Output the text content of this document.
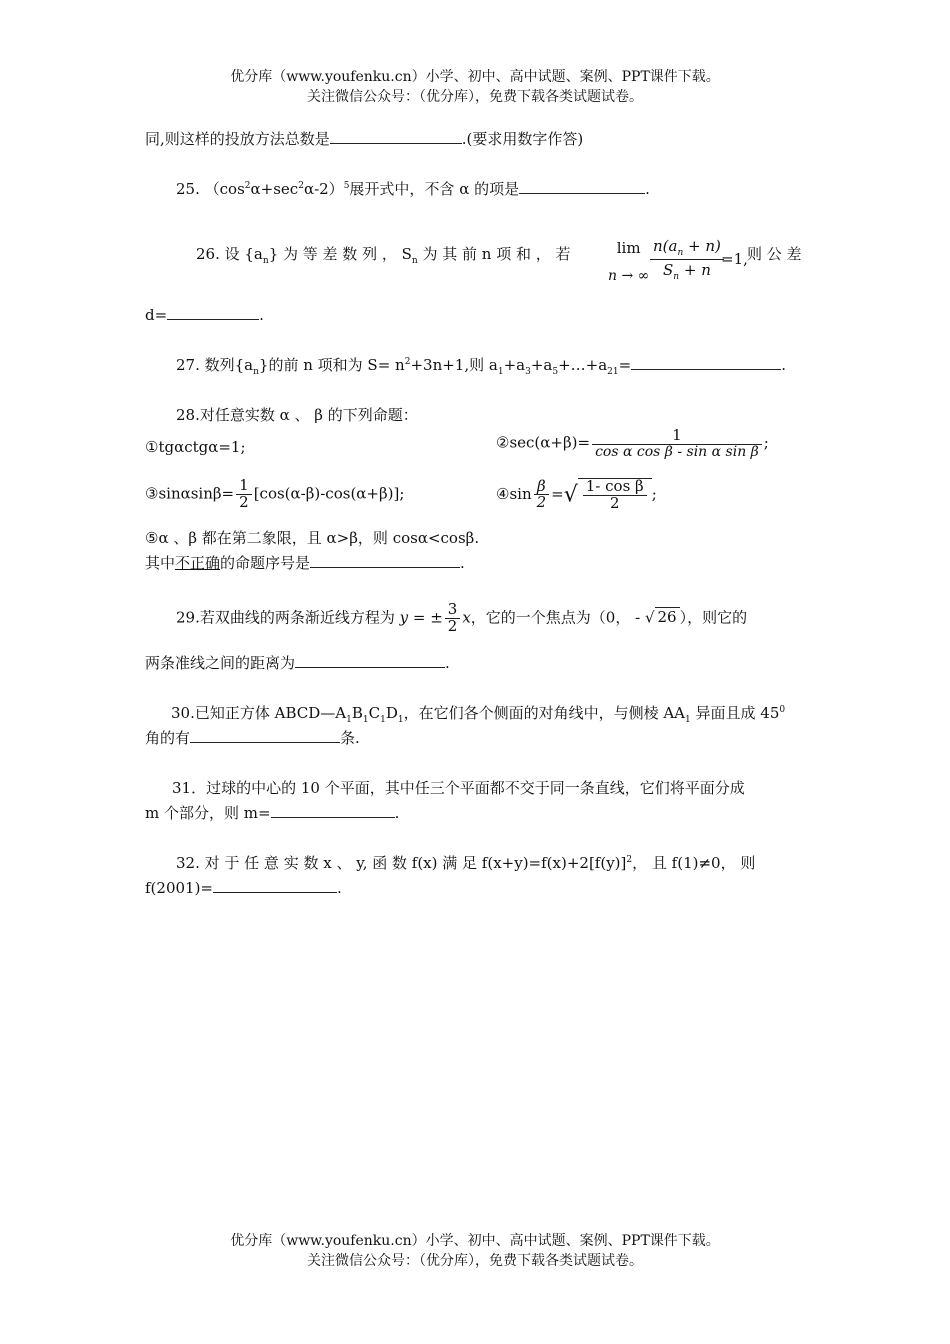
优分库（www.youfenku.cn）小学、初中、高中试题、案例、PPT课件下载。
关注微信公众号：（优分库），免费下载各类试题试卷。
同,则这样的投放方法总数是	.(要求用数字作答)
25. $(\cos^2\alpha+\sec^2\alpha-2)^5$展开式中，不含 α 的项是	.
26. 设 $\{a_n\}$ 为 等 差 数 列 ， $S_n$ 为 其 前 n 项 和 ， 若	lim
n → ∞ $\frac{n(a_n + n)}{S_n + n}$
=1, 则 公 差
d=	.
27. 数列$\{a_n\}$的前 n 项和为 $S= n^2+3n+1$,则 $a_1+a_3+a_5+\dots+a_{21}=$	.
28.对任意实数 α 、 β 的下列命题：
①tgαctgα=1;	②sec(α+β)= $\frac{1}{\text{cos α cos β - sin α sin β}}$ ;
③sinαsinβ= $\frac{1}{2} [\cos(\alpha-\beta)-\cos(\alpha+\beta)]$;	④sin $\frac{\beta}{2}$ =√ $\frac{\text{1- cos β}}{2}$ ;
⑤α 、β 都在第二象限，且 α>β，则 cosα<cosβ.
其中不正确的命题序号是	.
29.若双曲线的两条渐近线方程为 y = ± $\frac{3}{2}$ x，它的一个焦点为（0， - √ 26 ），则它的
两条准线之间的距离为	.
30.已知正方体 $ABCD—A_1B_1C_1D_1$，在它们各个侧面的对角线中，与侧棱 $AA_1$ 异面且成 $45^0$
角的有	条.
31．过球的中心的 10 个平面，其中任三个平面都不交于同一条直线，它们将平面分成
m 个部分，则 m=	.
32. 对 于 任 意 实 数 x 、 y, 函 数 f(x) 满 足 $f(x+y)=f(x)+2[f(y)]^2$， 且 f(1)≠0， 则
f(2001)=	.
优分库（www.youfenku.cn）小学、初中、高中试题、案例、PPT课件下载。
关注微信公众号：（优分库），免费下载各类试题试卷。
